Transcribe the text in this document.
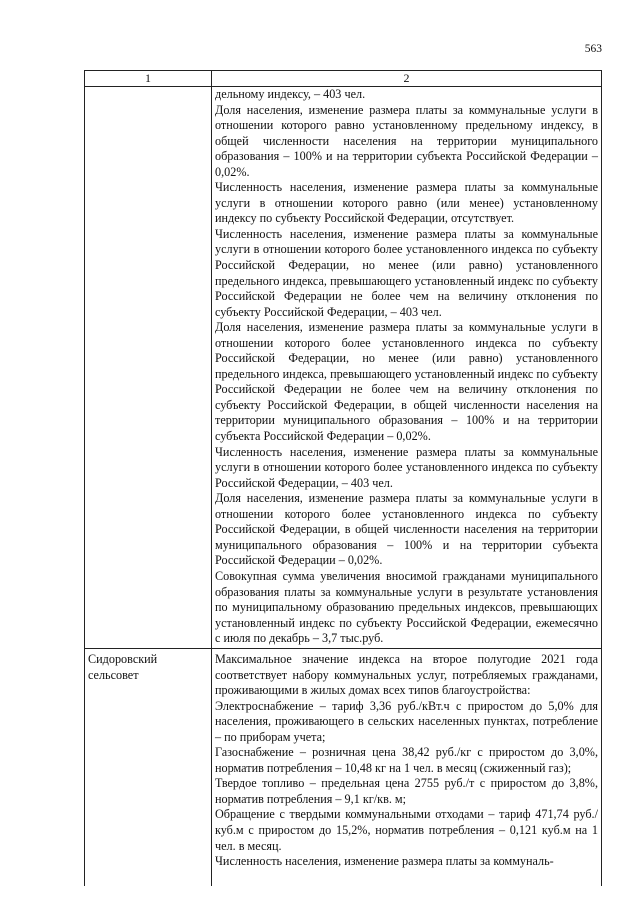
563
1	2

дельному индексу, – 403 чел.

Доля населения, изменение размера платы за коммунальные услуги в отношении которого равно установленному предельному индексу, в общей численности населения на территории муниципального образования – 100% и на территории субъекта Российской Федерации – 0,02%.

Численность населения, изменение размера платы за коммунальные услуги в отношении которого равно (или менее) установленному индексу по субъекту Российской Федерации, отсутствует.

Численность населения, изменение размера платы за коммунальные услуги в отношении которого более установленного индекса по субъекту Российской Федерации, но менее (или равно) установленного предельного индекса, превышающего установленный индекс по субъекту Российской Федерации не более чем на величину отклонения по субъекту Российской Федерации, – 403 чел.

Доля населения, изменение размера платы за коммунальные услуги в отношении которого более установленного индекса по субъекту Российской Федерации, но менее (или равно) установленного предельного индекса, превышающего установленный индекс по субъекту Российской Федерации не более чем на величину отклонения по субъекту Российской Федерации, в общей численности населения на территории муниципального образования – 100% и на территории субъекта Российской Федерации – 0,02%.

Численность населения, изменение размера платы за коммунальные услуги в отношении которого более установленного индекса по субъекту Российской Федерации, – 403 чел.

Доля населения, изменение размера платы за коммунальные услуги в отношении которого более установленного индекса по субъекту Российской Федерации, в общей численности населения на территории муниципального образования – 100% и на территории субъекта Российской Федерации – 0,02%.

Совокупная сумма увеличения вносимой гражданами муниципального образования платы за коммунальные услуги в результате установления по муниципальному образованию предельных индексов, превышающих установленный индекс по субъекту Российской Федерации, ежемесячно с июля по декабрь – 3,7 тыс.руб.

Сидоровский
сельсовет

Максимальное значение индекса на второе полугодие 2021 года соответствует набору коммунальных услуг, потребляемых гражданами, проживающими в жилых домах всех типов благоустройства:

Электроснабжение – тариф 3,36 руб./кВт.ч с приростом до 5,0% для населения, проживающего в сельских населенных пунктах, потребление – по приборам учета;

Газоснабжение – розничная цена 38,42 руб./кг с приростом до 3,0%, норматив потребления – 10,48 кг на 1 чел. в месяц (сжиженный газ);

Твердое топливо – предельная цена 2755 руб./т с приростом до 3,8%, норматив потребления – 9,1 кг/кв. м;

Обращение с твердыми коммунальными отходами – тариф 471,74 руб./куб.м с приростом до 15,2%, норматив потребления – 0,121 куб.м на 1 чел. в месяц.

Численность населения, изменение размера платы за коммуналь-
